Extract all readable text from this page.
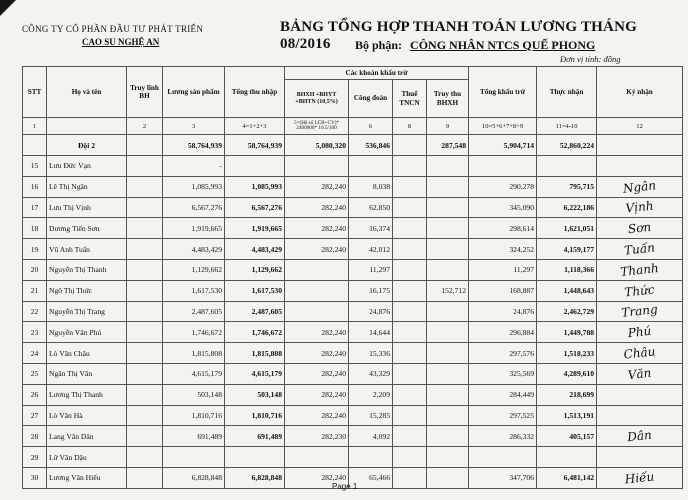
CÔNG TY CỔ PHẦN ĐẦU TƯ PHÁT TRIỂN
CAO SU NGHỆ AN
BẢNG TỔNG HỢP THANH TOÁN LƯƠNG THÁNG 08/2016	Bộ phận: CÔNG NHÂN NTCS QUẾ PHONG
Đơn vị tính: đồng
STT	Họ và tên	Truy lĩnh BH	Lương sản phẩm	Tổng thu nhập	Các khoản khấu trừ				Tổng khấu trừ	Thực nhận	Ký nhận
					BHXH +BHYT +BHTN (10,5%)	Công đoàn	Thuế TNCN	Truy thu BHXH			
1		2	3	4=1+2+3	5=(Hệ số LCB+CV)* 2400000* 10.5/100	6	8	9	10=5+6+7+8+9	11=4-10	12
	Đội 2		58,764,939	58,764,939	5,080,320	536,846		287,548	5,904,714	52,860,224	
15	Lưu Đức Vạn		-								

16	Lê Thị Ngân		1,085,993	1,085,993	282,240	8,038			290,278	795,715	Ngân

17	Lưu Thị Vịnh		6,567,276	6,567,276	282,240	62,850			345,090	6,222,186	Vịnh

18	Dương Tiến Sơn		1,919,665	1,919,665	282,240	16,374			298,614	1,621,051	Sơn

19	Vũ Anh Tuấn		4,483,429	4,483,429	282,240	42,012			324,252	4,159,177	Tuấn

20	Nguyễn Thị Thanh		1,129,662	1,129,662		11,297			11,297	1,118,366	Thanh

21	Ngô Thị Thức		1,617,530	1,617,530		16,175		152,712	168,887	1,448,643	Thức

22	Nguyễn Thị Trang		2,487,605	2,487,605		24,876			24,876	2,462,729	Trang

23	Nguyễn Văn Phú		1,746,672	1,746,672	282,240	14,644			296,884	1,449,788	Phú

24	Lò Văn Châu		1,815,808	1,815,808	282,240	15,336			297,576	1,518,233	Châu

25	Ngân Thị Văn		4,615,179	4,615,179	282,240	43,329			325,569	4,289,610	Văn

26	Lương Thị Thanh		503,148	503,148	282,240	2,209			284,449	218,699	

27	Lò Văn Hà		1,810,716	1,810,716	282,240	15,285			297,525	1,513,191	

28	Lang Văn Dân		691,489	691,489	282,230	4,092			286,332	405,157	Dân

29	Lữ Văn Dậu										

30	Lương Văn Hiếu		6,828,848	6,828,848	282,240	65,466			347,706	6,481,142	Hiếu
Page 1
